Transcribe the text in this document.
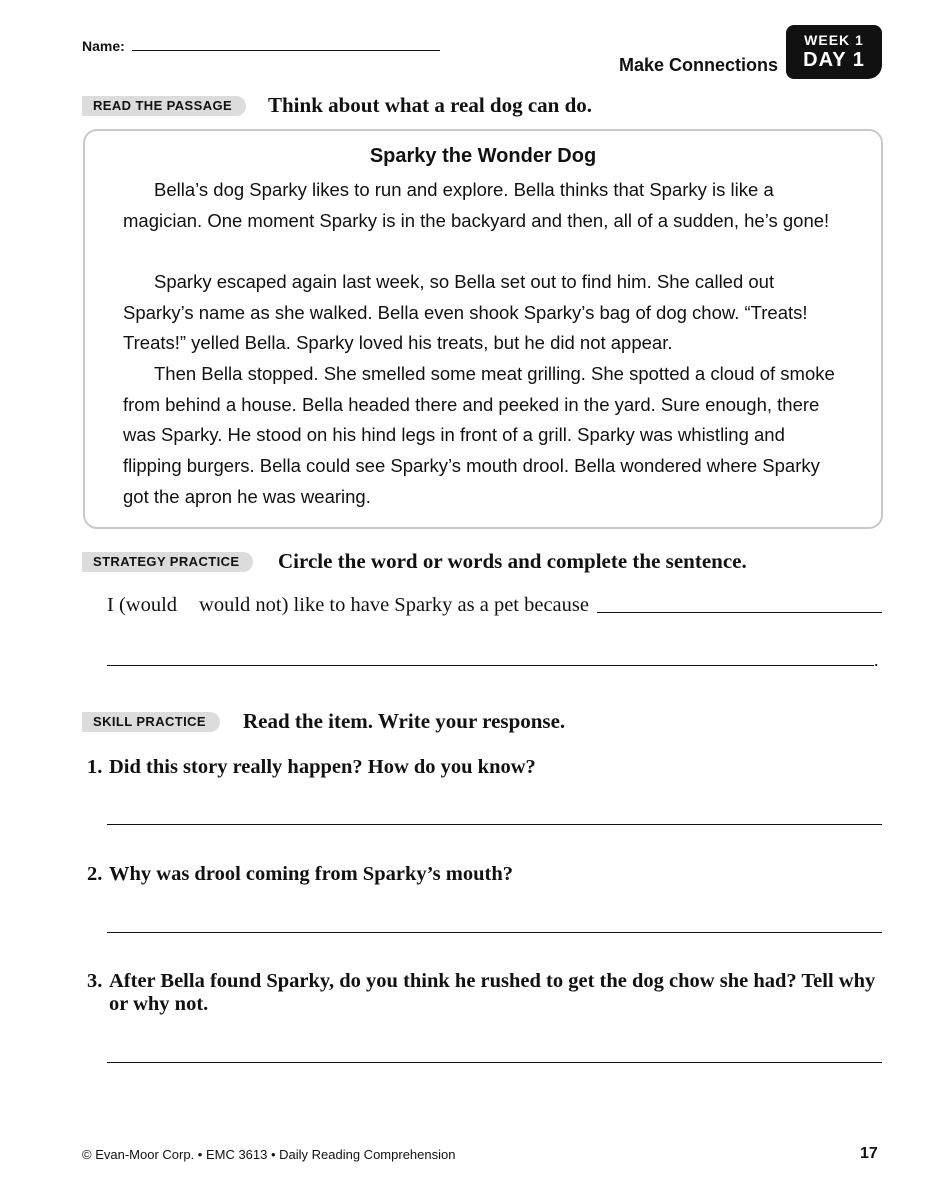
Name:
Make Connections
WEEK 1
DAY 1
READ THE PASSAGE	Think about what a real dog can do.
Sparky the Wonder Dog

Bella’s dog Sparky likes to run and explore. Bella thinks that Sparky is like a magician. One moment Sparky is in the backyard and then, all of a sudden, he’s gone!

Sparky escaped again last week, so Bella set out to find him. She called out Sparky’s name as she walked. Bella even shook Sparky’s bag of dog chow. “Treats! Treats!” yelled Bella. Sparky loved his treats, but he did not appear.

Then Bella stopped. She smelled some meat grilling. She spotted a cloud of smoke from behind a house. Bella headed there and peeked in the yard. Sure enough, there was Sparky. He stood on his hind legs in front of a grill. Sparky was whistling and flipping burgers. Bella could see Sparky’s mouth drool. Bella wondered where Sparky got the apron he was wearing.

STRATEGY PRACTICE	Circle the word or words and complete the sentence.
I (would would not) like to have Sparky as a pet because
.
SKILL PRACTICE	Read the item. Write your response.
1. Did this story really happen? How do you know?
2. Why was drool coming from Sparky’s mouth?
3. After Bella found Sparky, do you think he rushed to get the dog chow she had? Tell why
or why not.
© Evan-Moor Corp. • EMC 3613 • Daily Reading Comprehension	17
